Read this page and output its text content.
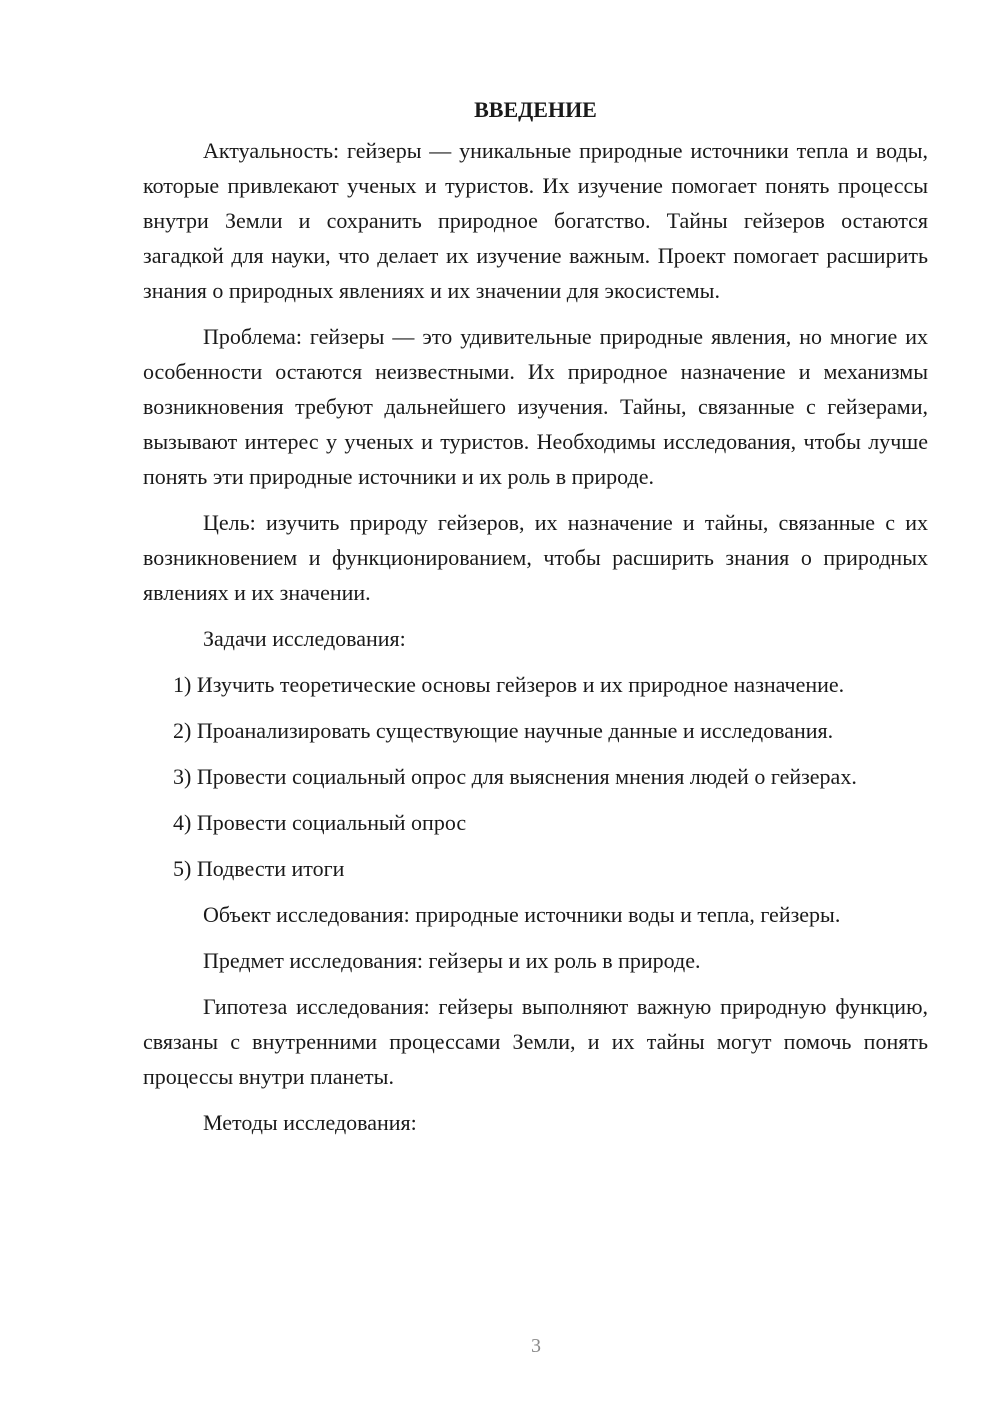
ВВЕДЕНИЕ

Актуальность: гейзеры — уникальные природные источники тепла и воды, которые привлекают ученых и туристов. Их изучение помогает понять процессы внутри Земли и сохранить природное богатство. Тайны гейзеров остаются загадкой для науки, что делает их изучение важным. Проект помогает расширить знания о природных явлениях и их значении для экосистемы.

Проблема: гейзеры — это удивительные природные явления, но многие их особенности остаются неизвестными. Их природное назначение и механизмы возникновения требуют дальнейшего изучения. Тайны, связанные с гейзерами, вызывают интерес у ученых и туристов. Необходимы исследования, чтобы лучше понять эти природные источники и их роль в природе.

Цель: изучить природу гейзеров, их назначение и тайны, связанные с их возникновением и функционированием, чтобы расширить знания о природных явлениях и их значении.

Задачи исследования:

1) Изучить теоретические основы гейзеров и их природное назначение.

2) Проанализировать существующие научные данные и исследования.

3) Провести социальный опрос для выяснения мнения людей о гейзерах.

4) Провести социальный опрос

5) Подвести итоги

Объект исследования: природные источники воды и тепла, гейзеры.

Предмет исследования: гейзеры и их роль в природе.

Гипотеза исследования: гейзеры выполняют важную природную функцию, связаны с внутренними процессами Земли, и их тайны могут помочь понять процессы внутри планеты.

Методы исследования:

3
